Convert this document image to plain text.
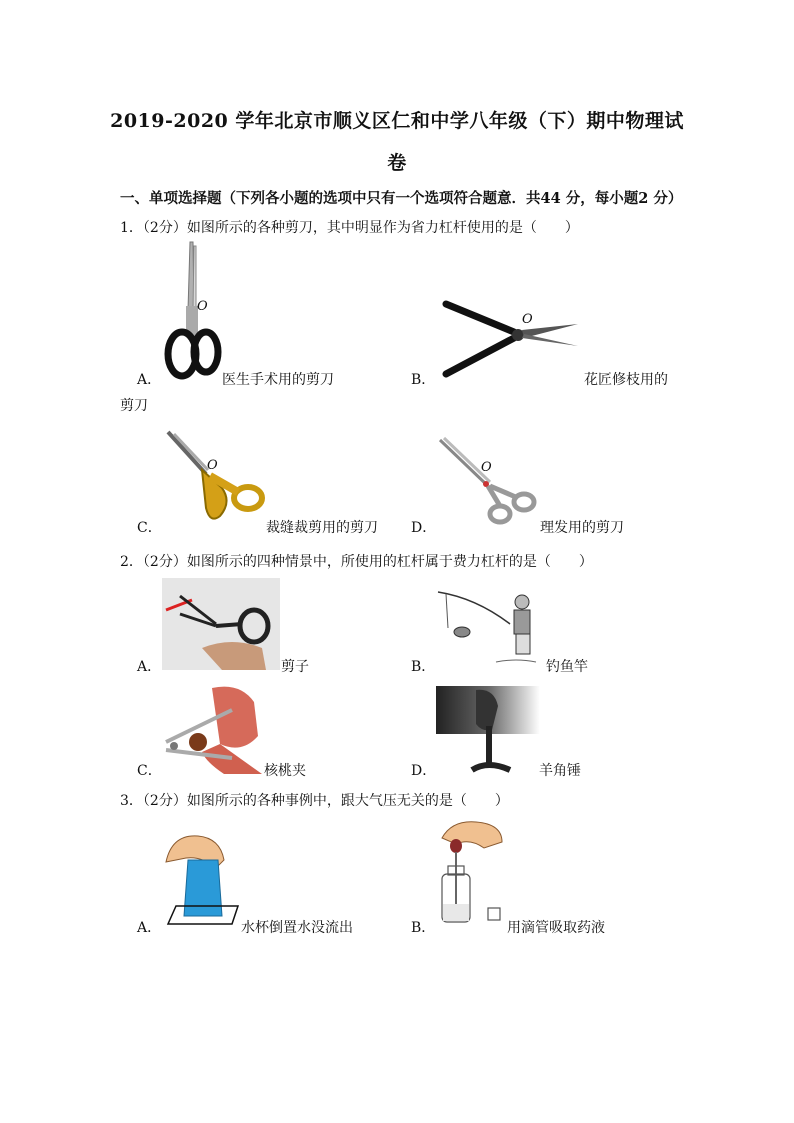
2019-2020 学年北京市顺义区仁和中学八年级（下）期中物理试
卷
一、单项选择题（下列各小题的选项中只有一个选项符合题意．共44 分，每小题2 分）
1．（2分）如图所示的各种剪刀，其中明显作为省力杠杆使用的是（　　）
O
A．	医生手术用的剪刀
O
B．	花匠修枝用的
剪刀
O
C．	裁缝裁剪用的剪刀
O
D．	理发用的剪刀
2．（2分）如图所示的四种情景中，所使用的杠杆属于费力杠杆的是（　　）
A．	剪子	B．	钓鱼竿
C．	核桃夹	D．	羊角锤
3．（2分）如图所示的各种事例中，跟大气压无关的是（　　）
A．	水杯倒置水没流出	B．	用滴管吸取药液
